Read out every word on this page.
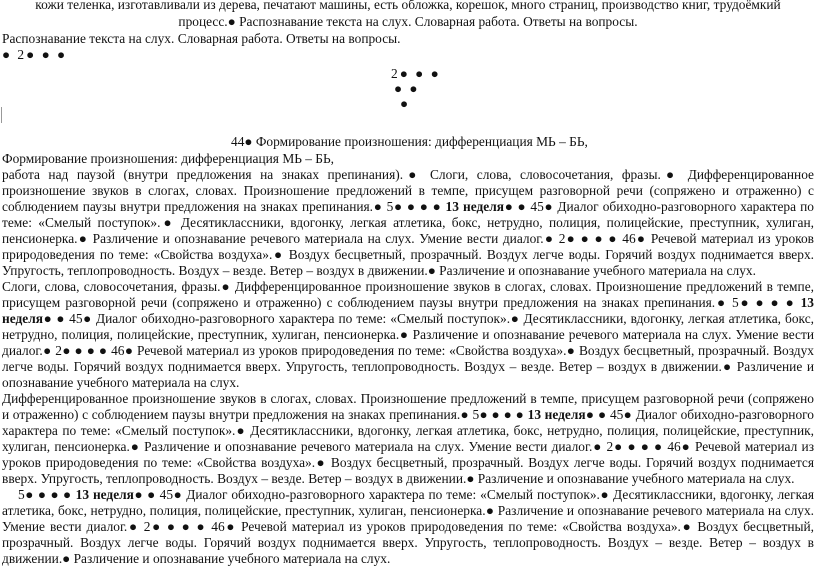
кожи теленка, изготавливали из дерева, печатают машины, есть обложка, корешок, много страниц, производство книг, трудоёмкий
процесс.● Распознавание текста на слух. Словарная работа. Ответы на вопросы.
Распознавание текста на слух. Словарная работа. Ответы на вопросы.
● 2● ● ●
2● ● ●
● ●
●
44● Формирование произношения: дифференциация МЬ – БЬ,
Формирование произношения: дифференциация МЬ – БЬ,
работа над паузой (внутри предложения на знаках препинания).● Слоги, слова, словосочетания, фразы.● Дифференцированное
произношение звуков в слогах, словах. Произношение предложений в темпе, присущем разговорной речи (сопряжено и отраженно) с
соблюдением паузы внутри предложения на знаках препинания.● 5● ● ● ● 13 неделя● ● 45● Диалог обиходно-разговорного характера по
теме: «Смелый поступок».● Десятиклассники, вдогонку, легкая атлетика, бокс, нетрудно, полиция, полицейские, преступник, хулиган,
пенсионерка.● Различение и опознавание речевого материала на слух. Умение вести диалог.● 2● ● ● ● 46● Речевой материал из уроков
природоведения по теме: «Свойства воздуха».● Воздух бесцветный, прозрачный. Воздух легче воды. Горячий воздух поднимается вверх.
Упругость, теплопроводность. Воздух – везде. Ветер – воздух в движении.● Различение и опознавание учебного материала на слух.
Слоги, слова, словосочетания, фразы.● Дифференцированное произношение звуков в слогах, словах. Произношение предложений в темпе,
присущем разговорной речи (сопряжено и отраженно) с соблюдением паузы внутри предложения на знаках препинания.● 5● ● ● ● 13
неделя● ● 45● Диалог обиходно-разговорного характера по теме: «Смелый поступок».● Десятиклассники, вдогонку, легкая атлетика, бокс,
нетрудно, полиция, полицейские, преступник, хулиган, пенсионерка.● Различение и опознавание речевого материала на слух. Умение вести
диалог.● 2● ● ● ● 46● Речевой материал из уроков природоведения по теме: «Свойства воздуха».● Воздух бесцветный, прозрачный. Воздух
легче воды. Горячий воздух поднимается вверх. Упругость, теплопроводность. Воздух – везде. Ветер – воздух в движении.● Различение и
опознавание учебного материала на слух.
Дифференцированное произношение звуков в слогах, словах. Произношение предложений в темпе, присущем разговорной речи (сопряжено
и отраженно) с соблюдением паузы внутри предложения на знаках препинания.● 5● ● ● ● 13 неделя● ● 45● Диалог обиходно-разговорного
характера по теме: «Смелый поступок».● Десятиклассники, вдогонку, легкая атлетика, бокс, нетрудно, полиция, полицейские, преступник,
хулиган, пенсионерка.● Различение и опознавание речевого материала на слух. Умение вести диалог.● 2● ● ● ● 46● Речевой материал из
уроков природоведения по теме: «Свойства воздуха».● Воздух бесцветный, прозрачный. Воздух легче воды. Горячий воздух поднимается
вверх. Упругость, теплопроводность. Воздух – везде. Ветер – воздух в движении.● Различение и опознавание учебного материала на слух.
5● ● ● ● 13 неделя● ● 45● Диалог обиходно-разговорного характера по теме: «Смелый поступок».● Десятиклассники, вдогонку, легкая
атлетика, бокс, нетрудно, полиция, полицейские, преступник, хулиган, пенсионерка.● Различение и опознавание речевого материала на слух.
Умение вести диалог.● 2● ● ● ● 46● Речевой материал из уроков природоведения по теме: «Свойства воздуха».● Воздух бесцветный,
прозрачный. Воздух легче воды. Горячий воздух поднимается вверх. Упругость, теплопроводность. Воздух – везде. Ветер – воздух в
движении.● Различение и опознавание учебного материала на слух.
